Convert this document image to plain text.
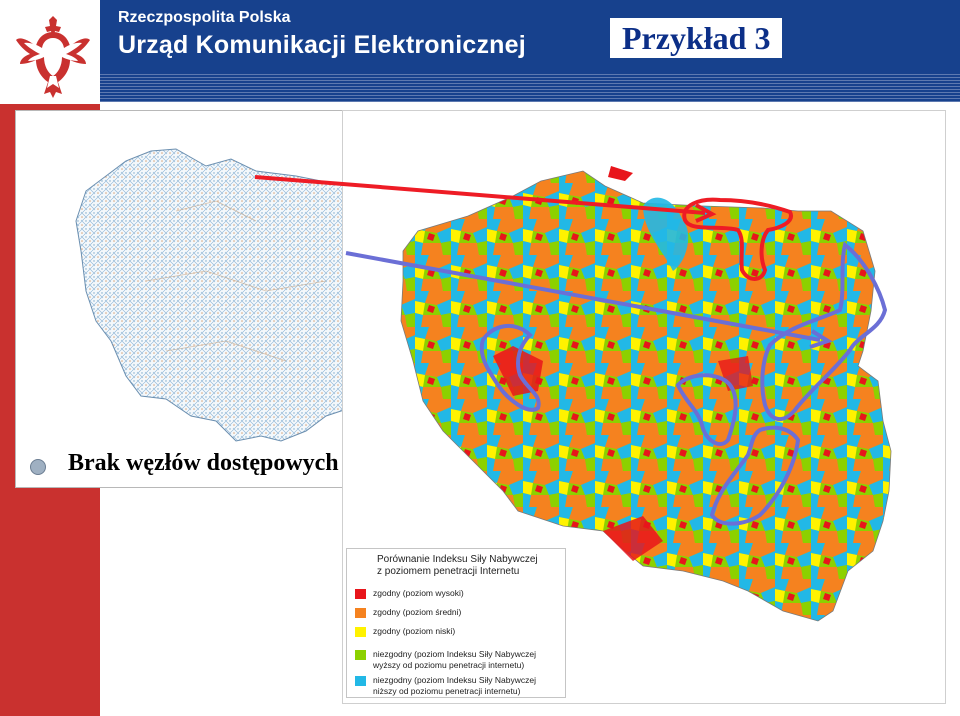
Rzeczpospolita Polska
Urząd Komunikacji Elektronicznej	Przykład 3
Brak węzłów dostępowych
Porównanie Indeksu Siły Nabywczej
z poziomem penetracji Internetu
zgodny (poziom wysoki)
zgodny (poziom średni)
zgodny (poziom niski)
niezgodny (poziom Indeksu Siły Nabywczej
wyższy od poziomu penetracji internetu)
niezgodny (poziom Indeksu Siły Nabywczej
niższy od poziomu penetracji internetu)
